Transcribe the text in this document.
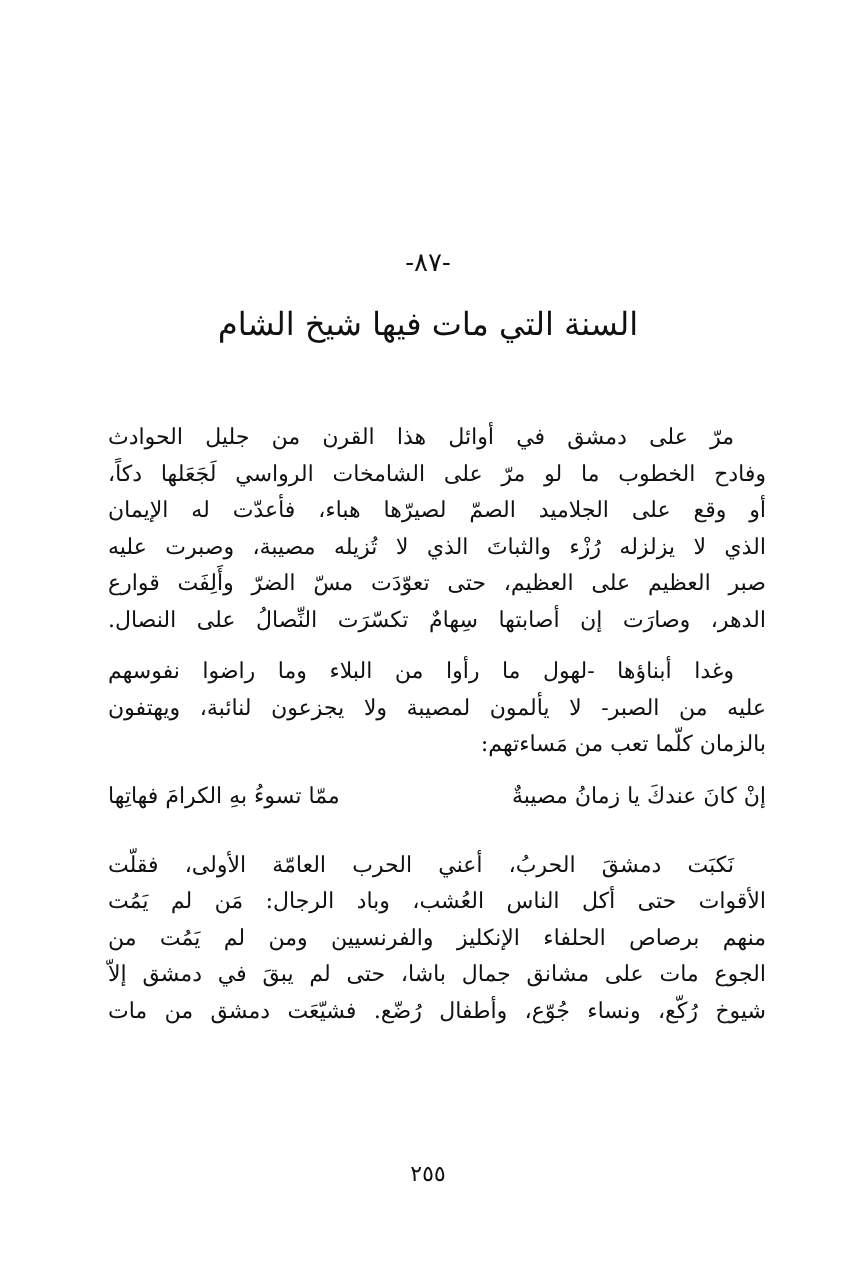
-٨٧-
السنة التي مات فيها شيخ الشام
مرّ على دمشق في أوائل هذا القرن من جليل الحوادث
وفادح الخطوب ما لو مرّ على الشامخات الرواسي لَجَعَلها دكاً،
أو وقع على الجلاميد الصمّ لصيرّها هباء، فأعدّت له الإيمان
الذي لا يزلزله رُزْء والثباتَ الذي لا تُزيله مصيبة، وصبرت عليه
صبر العظيم على العظيم، حتى تعوّدَت مسّ الضرّ وأَلِفَت قوارع
الدهر، وصارَت إن أصابتها سِهامٌ تكسّرَت النِّصالُ على النصال.
وغدا أبناؤها -لهول ما رأوا من البلاء وما راضوا نفوسهم
عليه من الصبر- لا يألمون لمصيبة ولا يجزعون لنائبة، ويهتفون
بالزمان كلّما تعب من مَساءتهم:
إنْ كانَ عندكَ يا زمانُ مصيبةٌ
ممّا تسوءُ بهِ الكرامَ فهاتِها
نَكبَت دمشقَ الحربُ، أعني الحرب العامّة الأولى، فقلّت
الأقوات حتى أكل الناس العُشب، وباد الرجال: مَن لم يَمُت
منهم برصاص الحلفاء الإنكليز والفرنسيين ومن لم يَمُت من
الجوع مات على مشانق جمال باشا، حتى لم يبقَ في دمشق إلاّ
شيوخ رُكّع، ونساء جُوّع، وأطفال رُضّع. فشيّعَت دمشق من مات
٢٥٥
